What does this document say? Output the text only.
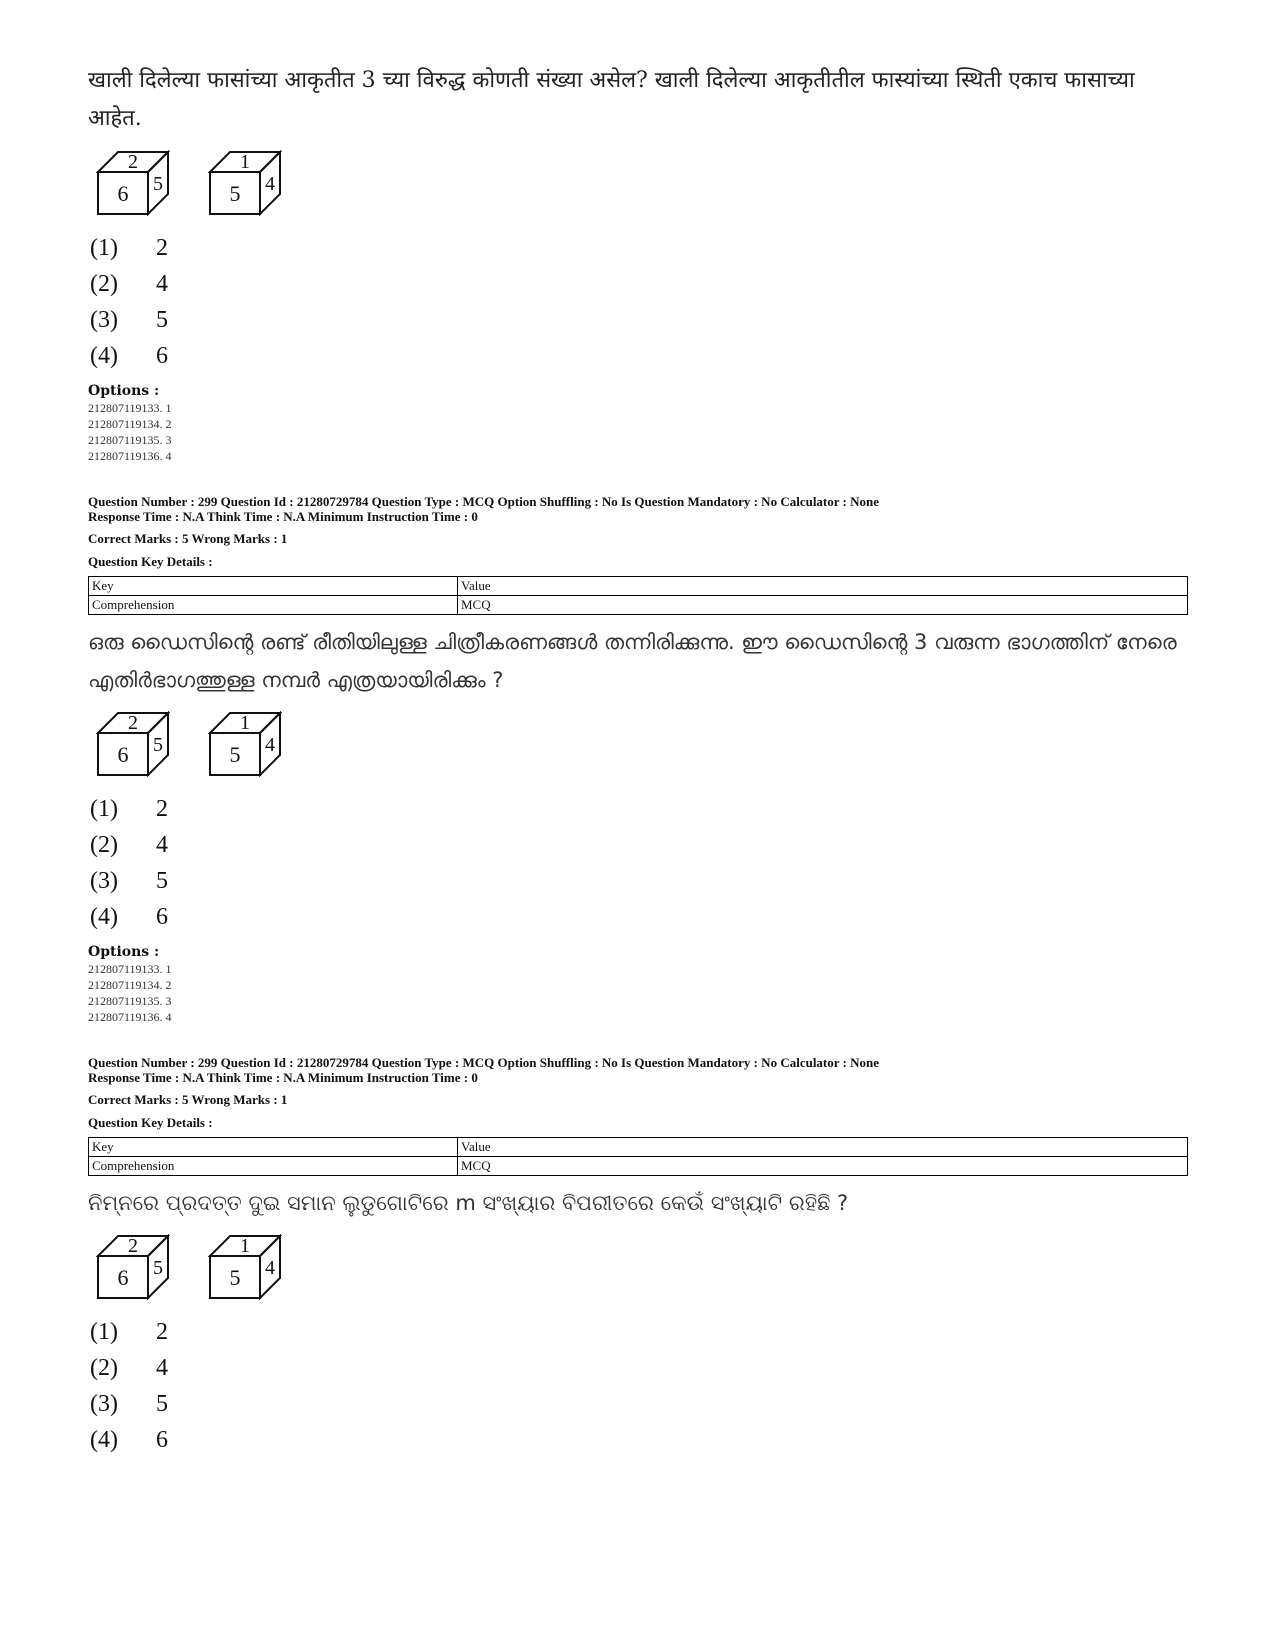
खाली दिलेल्या फासांच्या आकृतीत 3 च्या विरुद्ध कोणती संख्या असेल? खाली दिलेल्या आकृतीतील फास्यांच्या स्थिती एकाच फासाच्या आहेत.

2
6 5
1
5 4
(1)	2
(2)	4
(3)	5
(4)	6
Options :
212807119133. 1
212807119134. 2
212807119135. 3
212807119136. 4
Question Number : 299 Question Id : 21280729784 Question Type : MCQ Option Shuffling : No Is Question Mandatory : No Calculator : None
Response Time : N.A Think Time : N.A Minimum Instruction Time : 0
Correct Marks : 5 Wrong Marks : 1
Question Key Details :
Key	Value
Comprehension	MCQ

ഒരു ഡൈസിന്റെ രണ്ട് രീതിയിലുള്ള ചിത്രീകരണങ്ങൾ തന്നിരിക്കുന്നു. ഈ ഡൈസിന്റെ 3 വരുന്ന ഭാഗത്തിന് നേരെ എതിർഭാഗത്തുള്ള നമ്പർ എത്രയായിരിക്കും ?

2
6 5
1
5 4
(1)	2
(2)	4
(3)	5
(4)	6
Options :
212807119133. 1
212807119134. 2
212807119135. 3
212807119136. 4
Question Number : 299 Question Id : 21280729784 Question Type : MCQ Option Shuffling : No Is Question Mandatory : No Calculator : None
Response Time : N.A Think Time : N.A Minimum Instruction Time : 0
Correct Marks : 5 Wrong Marks : 1
Question Key Details :
Key	Value
Comprehension	MCQ

ନିମ୍ନରେ ପ୍ରଦତ୍ତ ଦୁଇ ସମାନ ଲୁଡୁଗୋଟିରେ m ସଂଖ୍ୟାର ବିପରୀତରେ କେଉଁ ସଂଖ୍ୟାଟି ରହିଛି ?

2
6 5
1
5 4
(1)	2
(2)	4
(3)	5
(4)	6
